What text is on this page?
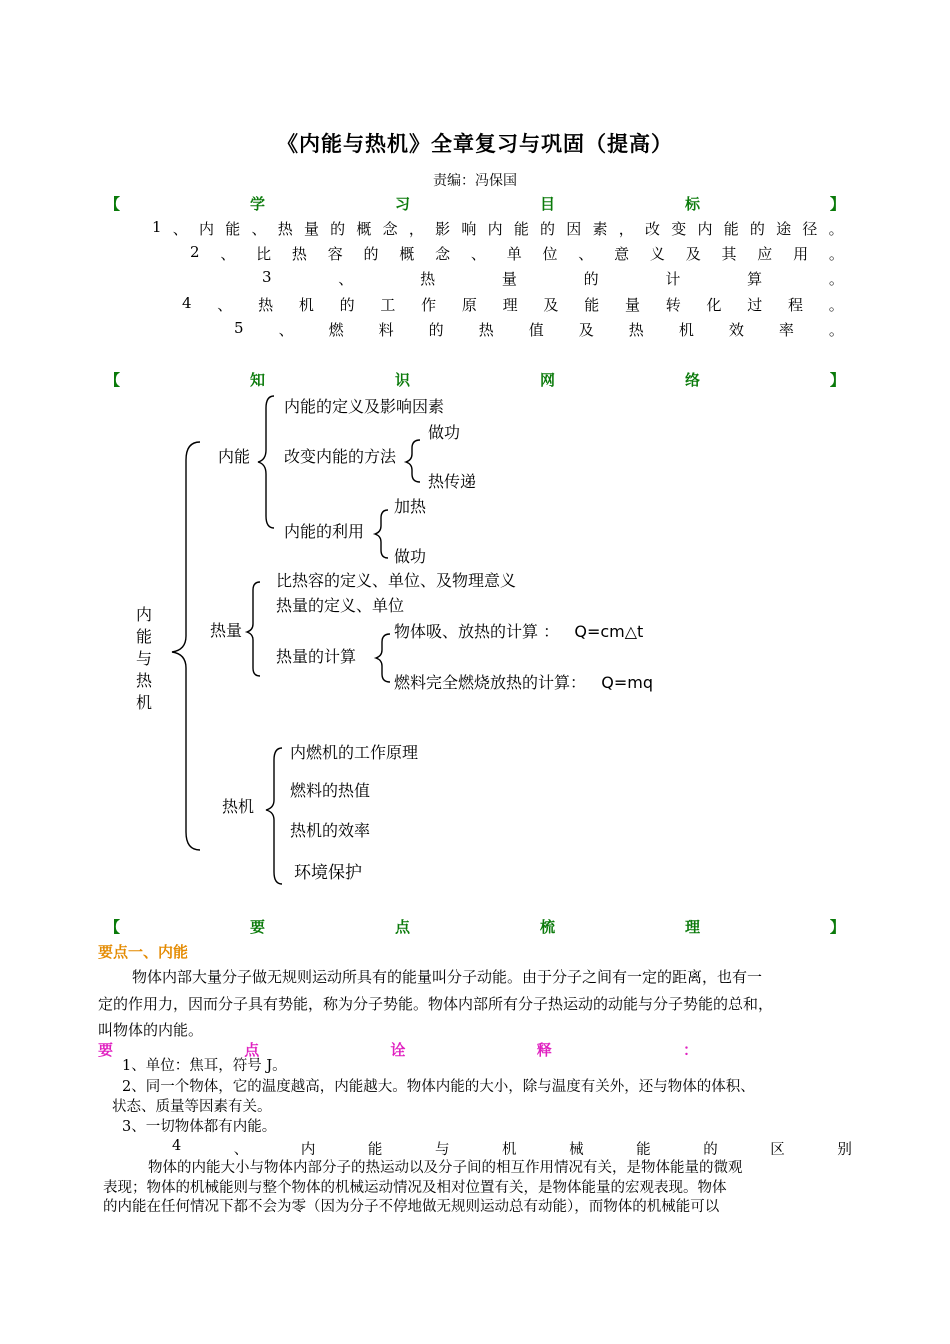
《内能与热机》全章复习与巩固（提高）
责编：冯保国
【	学	习	目	标	】
1 、 内 能 、 热 量 的 概 念 ， 影 响 内 能 的 因 素 ， 改 变 内 能 的 途 径 。
2 、 比 热 容 的 概 念 、 单 位 、 意 义 及 其 应 用 。
3	、	热	量	的	计	算	。
4 、 热 机 的 工 作 原 理 及 能 量 转 化 过 程 。
5 、 燃 料 的 热 值 及 热 机 效 率 。
【	知	识	网	络	】
内
能
与
热
机
内能
内能的定义及影响因素
改变内能的方法
内能的利用
做功
热传递
加热
做功
热量
比热容的定义、单位、及物理意义
热量的定义、单位
热量的计算
物体吸、放热的计算 ：   Q=cm△t
燃料完全燃烧放热的计算：   Q=mq
热机
内燃机的工作原理
燃料的热值
热机的效率
环境保护
【	要	点	梳	理	】
要点一、内能
物体内部大量分子做无规则运动所具有的能量叫分子动能。由于分子之间有一定的距离，也有一
定的作用力，因而分子具有势能，称为分子势能。物体内部所有分子热运动的动能与分子势能的总和，
叫物体的内能。
要	点	诠	释	：
1、单位：焦耳，符号 J。
2、同一个物体，它的温度越高，内能越大。物体内能的大小，除与温度有关外，还与物体的体积、
状态、质量等因素有关。
3、一切物体都有内能。
4	、	内	能	与	机	械	能	的	区	别
物体的内能大小与物体内部分子的热运动以及分子间的相互作用情况有关，是物体能量的微观
表现；物体的机械能则与整个物体的机械运动情况及相对位置有关，是物体能量的宏观表现。物体
的内能在任何情况下都不会为零（因为分子不停地做无规则运动总有动能），而物体的机械能可以
